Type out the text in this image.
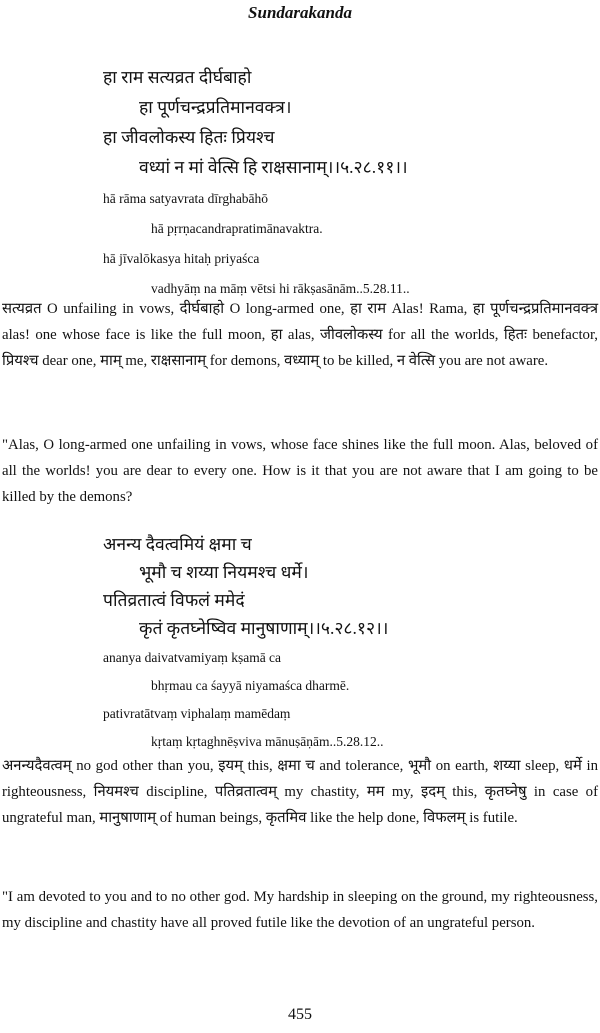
Sundarakanda
हा राम सत्यव्रत दीर्घबाहो
हा पूर्णचन्द्रप्रतिमानवक्त्र।
हा जीवलोकस्य हितः प्रियश्च
वध्यां न मां वेत्सि हि राक्षसानाम्।।५.२८.११।।
hā rāma satyavrata dīrghabāhō
hā pṛrṇacandrapratimānavaktra.
hā jīvalōkasya hitaḥ priyaśca
vadhyāṃ na māṃ vētsi hi rākṣasānām..5.28.11..
सत्यव्रत O unfailing in vows, दीर्घबाहो O long-armed one, हा राम Alas! Rama, हा पूर्णचन्द्रप्रतिमानवक्त्र alas! one whose face is like the full moon, हा alas, जीवलोकस्य for all the worlds, हितः benefactor, प्रियश्च dear one, माम् me, राक्षसानाम् for demons, वध्याम् to be killed, न वेत्सि you are not aware.
"Alas, O long-armed one unfailing in vows, whose face shines like the full moon. Alas, beloved of all the worlds! you are dear to every one. How is it that you are not aware that I am going to be killed by the demons?
अनन्य दैवत्वमियं क्षमा च
भूमौ च शय्या नियमश्च धर्मे।
पतिव्रतात्वं विफलं ममेदं
कृतं कृतघ्नेष्विव मानुषाणाम्।।५.२८.१२।।
ananya daivatvamiyaṃ kṣamā ca
bhṛmau ca śayyā niyamaśca dharmē.
pativratātvaṃ viphalaṃ mamēdaṃ
kṛtaṃ kṛtaghnēṣviva mānuṣāṇām..5.28.12..
अनन्यदैवत्वम् no god other than you, इयम् this, क्षमा च and tolerance, भूमौ on earth, शय्या sleep, धर्मे in righteousness, नियमश्च discipline, पतिव्रतात्वम् my chastity, मम my, इदम् this, कृतघ्नेषु in case of ungrateful man, मानुषाणाम् of human beings, कृतमिव like the help done, विफलम् is futile.
"I am devoted to you and to no other god. My hardship in sleeping on the ground, my righteousness, my discipline and chastity have all proved futile like the devotion of an ungrateful person.
455
